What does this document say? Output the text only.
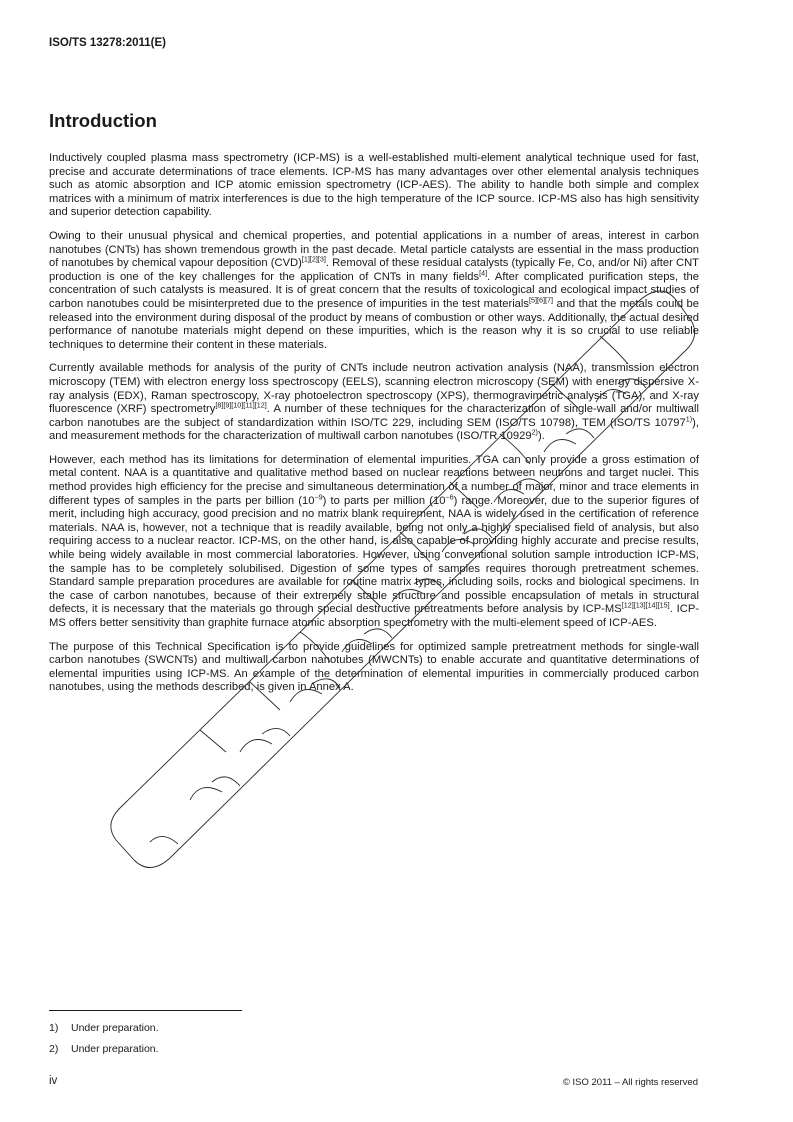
ISO/TS 13278:2011(E)
Introduction

Inductively coupled plasma mass spectrometry (ICP-MS) is a well-established multi-element analytical technique used for fast, precise and accurate determinations of trace elements. ICP-MS has many advantages over other elemental analysis techniques such as atomic absorption and ICP atomic emission spectrometry (ICP-AES). The ability to handle both simple and complex matrices with a minimum of matrix interferences is due to the high temperature of the ICP source. ICP-MS also has high sensitivity and superior detection capability.

Owing to their unusual physical and chemical properties, and potential applications in a number of areas, interest in carbon nanotubes (CNTs) has shown tremendous growth in the past decade. Metal particle catalysts are essential in the mass production of nanotubes by chemical vapour deposition (CVD)[1][2][3]. Removal of these residual catalysts (typically Fe, Co, and/or Ni) after CNT production is one of the key challenges for the application of CNTs in many fields[4]. After complicated purification steps, the concentration of such catalysts is measured. It is of great concern that the results of toxicological and ecological impact studies of carbon nanotubes could be misinterpreted due to the presence of impurities in the test materials[5][6][7] and that the metals could be released into the environment during disposal of the product by means of combustion or other ways. Additionally, the actual desired performance of nanotube materials might depend on these impurities, which is the reason why it is so crucial to use reliable techniques to determine their content in these materials.

Currently available methods for analysis of the purity of CNTs include neutron activation analysis (NAA), transmission electron microscopy (TEM) with electron energy loss spectroscopy (EELS), scanning electron microscopy (SEM) with energy dispersive X-ray analysis (EDX), Raman spectroscopy, X-ray photoelectron spectroscopy (XPS), thermogravimetric analysis (TGA), and X-ray fluorescence (XRF) spectrometry[8][9][10][11][12]. A number of these techniques for the characterization of single-wall and/or multiwall carbon nanotubes are the subject of standardization within ISO/TC 229, including SEM (ISO/TS 10798), TEM (ISO/TS 10797$^{1)}$), and measurement methods for the characterization of multiwall carbon nanotubes (ISO/TR 10929$^{2)}$).

However, each method has its limitations for determination of elemental impurities. TGA can only provide a gross estimation of metal content. NAA is a quantitative and qualitative method based on nuclear reactions between neutrons and target nuclei. This method provides high efficiency for the precise and simultaneous determination of a number of major, minor and trace elements in different types of samples in the parts per billion $(10^{-9})$ to parts per million $(10^{-6})$ range. Moreover, due to the superior figures of merit, including high accuracy, good precision and no matrix blank requirement, NAA is widely used in the certification of reference materials. NAA is, however, not a technique that is readily available, being not only a highly specialised field of analysis, but also requiring access to a nuclear reactor. ICP-MS, on the other hand, is also capable of providing highly accurate and precise results, while being widely available in most commercial laboratories. However, using conventional solution sample introduction ICP-MS, the sample has to be completely solubilised. Digestion of some types of samples requires thorough pretreatment schemes. Standard sample preparation procedures are available for routine matrix types, including soils, rocks and biological specimens. In the case of carbon nanotubes, because of their extremely stable structure and possible encapsulation of metals in structural defects, it is necessary that the materials go through special destructive pretreatments before analysis by ICP-MS[12][13][14][15]. ICP-MS offers better sensitivity than graphite furnace atomic absorption spectrometry with the multi-element speed of ICP-AES.

The purpose of this Technical Specification is to provide guidelines for optimized sample pretreatment methods for single-wall carbon nanotubes (SWCNTs) and multiwall carbon nanotubes (MWCNTs) to enable accurate and quantitative determinations of elemental impurities using ICP-MS. An example of the determination of elemental impurities in commercially produced carbon nanotubes, using the methods described, is given in Annex A.

1) Under preparation.
2) Under preparation.
iv	© ISO 2011 – All rights reserved
